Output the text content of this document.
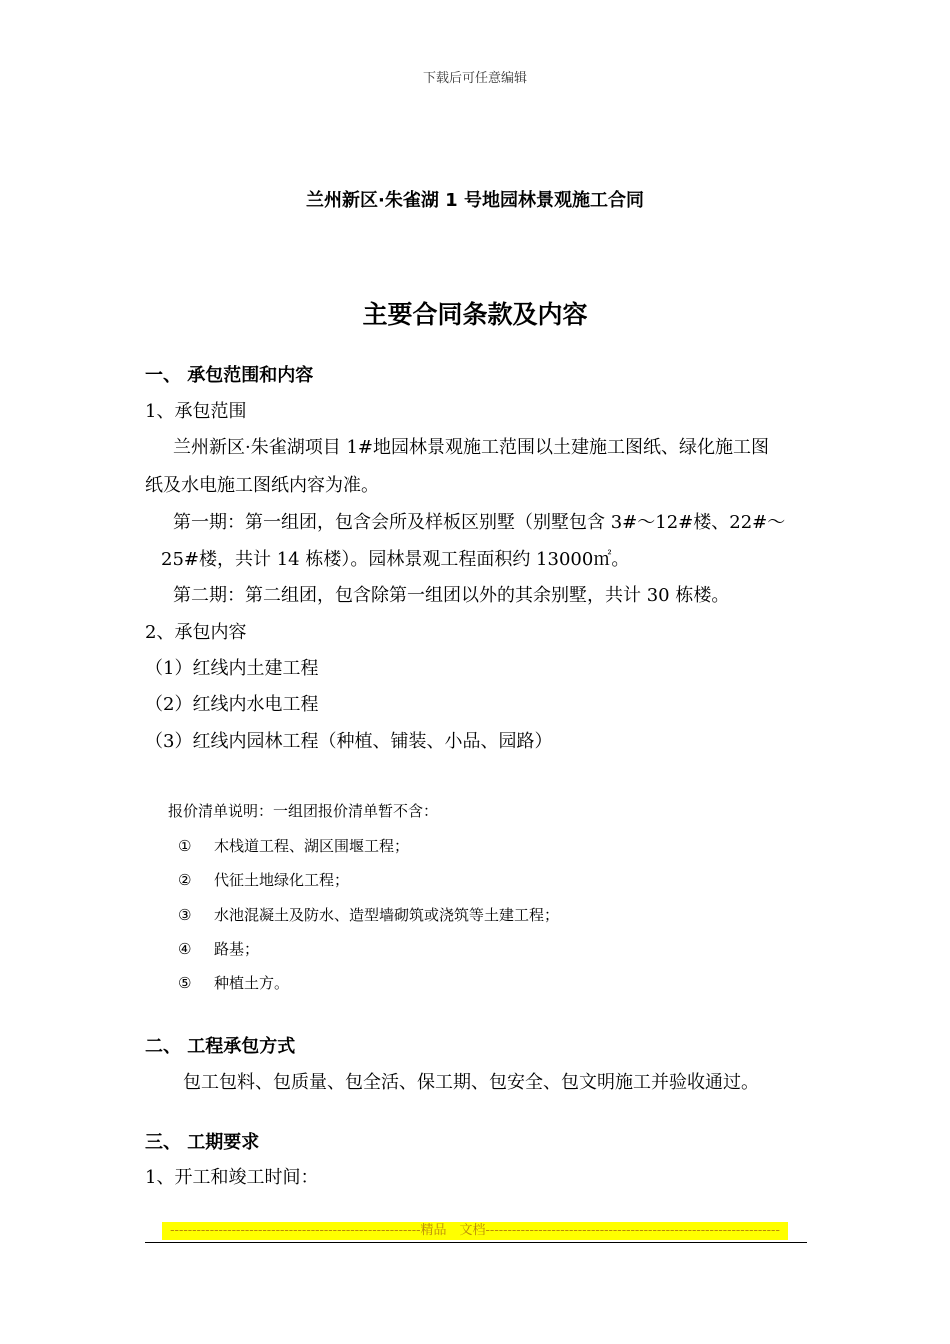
下载后可任意编辑
兰州新区·朱雀湖 1 号地园林景观施工合同
主要合同条款及内容
一、 承包范围和内容
1、承包范围
兰州新区·朱雀湖项目 1#地园林景观施工范围以土建施工图纸、绿化施工图
纸及水电施工图纸内容为准。
第一期：第一组团，包含会所及样板区别墅（别墅包含 3#～12#楼、22#～
25#楼，共计 14 栋楼）。园林景观工程面积约 13000㎡。
第二期：第二组团，包含除第一组团以外的其余别墅，共计 30 栋楼。
2、承包内容
（1）红线内土建工程
（2）红线内水电工程
（3）红线内园林工程（种植、铺装、小品、园路）
报价清单说明：一组团报价清单暂不含：
① 木栈道工程、湖区围堰工程；
② 代征土地绿化工程；
③ 水池混凝土及防水、造型墙砌筑或浇筑等土建工程；
④ 路基；
⑤ 种植土方。
二、 工程承包方式
包工包料、包质量、包全活、保工期、包安全、包文明施工并验收通过。
三、 工期要求
1、开工和竣工时间：
---------------------------------------------------------精品　文档-------------------------------------------------------------------
